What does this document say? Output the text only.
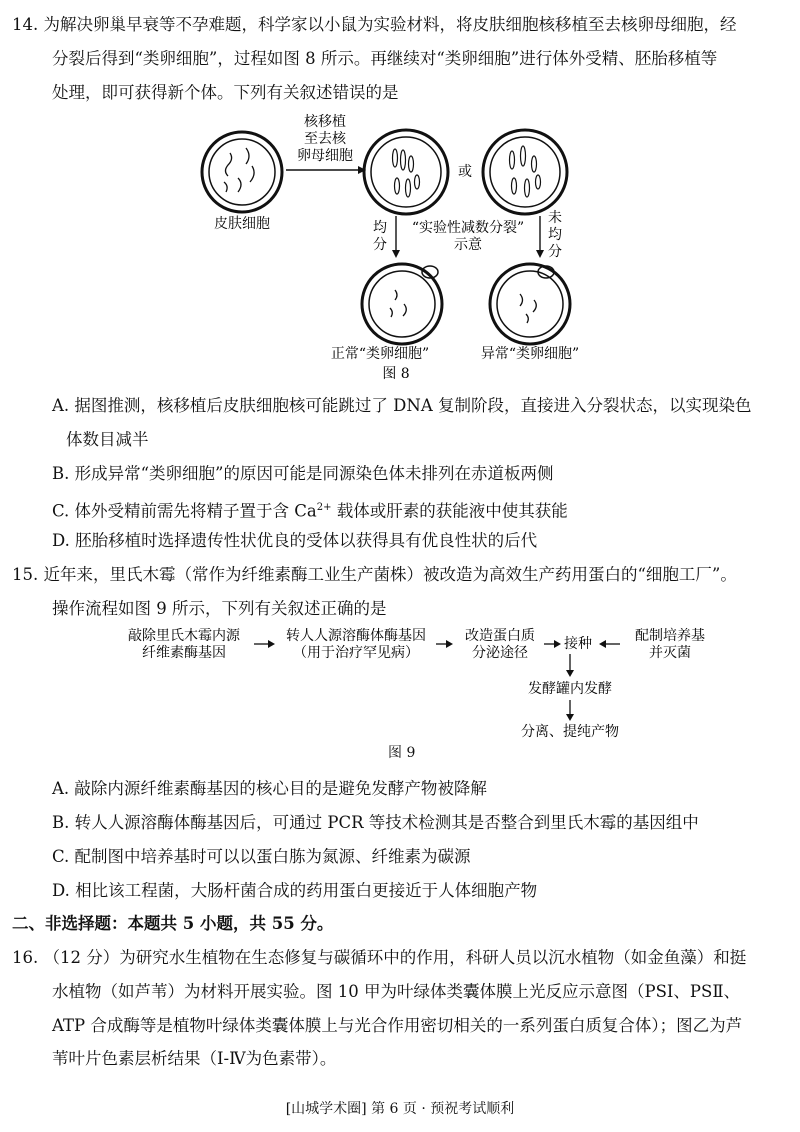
14. 为解决卵巢早衰等不孕难题，科学家以小鼠为实验材料，将皮肤细胞核移植至去核卵母细胞，经
分裂后得到“类卵细胞”，过程如图 8 所示。再继续对“类卵细胞”进行体外受精、胚胎移植等
处理，即可获得新个体。下列有关叙述错误的是
皮肤细胞
核移植
至去核
卵母细胞
或
均
分
未
均
分
“实验性减数分裂”
示意
正常“类卵细胞”	异常“类卵细胞”
图 8
A. 据图推测，核移植后皮肤细胞核可能跳过了 DNA 复制阶段，直接进入分裂状态，以实现染色
体数目减半
B. 形成异常“类卵细胞”的原因可能是同源染色体未排列在赤道板两侧
C. 体外受精前需先将精子置于含 $Ca^{2+}$ 载体或肝素的获能液中使其获能
D. 胚胎移植时选择遗传性状优良的受体以获得具有优良性状的后代
15. 近年来，里氏木霉（常作为纤维素酶工业生产菌株）被改造为高效生产药用蛋白的“细胞工厂”。
操作流程如图 9 所示，下列有关叙述正确的是
敲除里氏木霉内源
纤维素酶基因
转人人源溶酶体酶基因
（用于治疗罕见病）
改造蛋白质
分泌途径
接种	配制培养基
并灭菌
发酵罐内发酵
分离、提纯产物
图 9
A. 敲除内源纤维素酶基因的核心目的是避免发酵产物被降解
B. 转人人源溶酶体酶基因后，可通过 PCR 等技术检测其是否整合到里氏木霉的基因组中
C. 配制图中培养基时可以以蛋白胨为氮源、纤维素为碳源
D. 相比该工程菌，大肠杆菌合成的药用蛋白更接近于人体细胞产物
二、非选择题：本题共 5 小题，共 55 分。
16. （12 分）为研究水生植物在生态修复与碳循环中的作用，科研人员以沉水植物（如金鱼藻）和挺
水植物（如芦苇）为材料开展实验。图 10 甲为叶绿体类囊体膜上光反应示意图（PSⅠ、PSⅡ、
ATP 合成酶等是植物叶绿体类囊体膜上与光合作用密切相关的一系列蛋白质复合体）；图乙为芦
苇叶片色素层析结果（Ⅰ-Ⅳ为色素带）。
[山城学术圈] 第 6 页 · 预祝考试顺利
